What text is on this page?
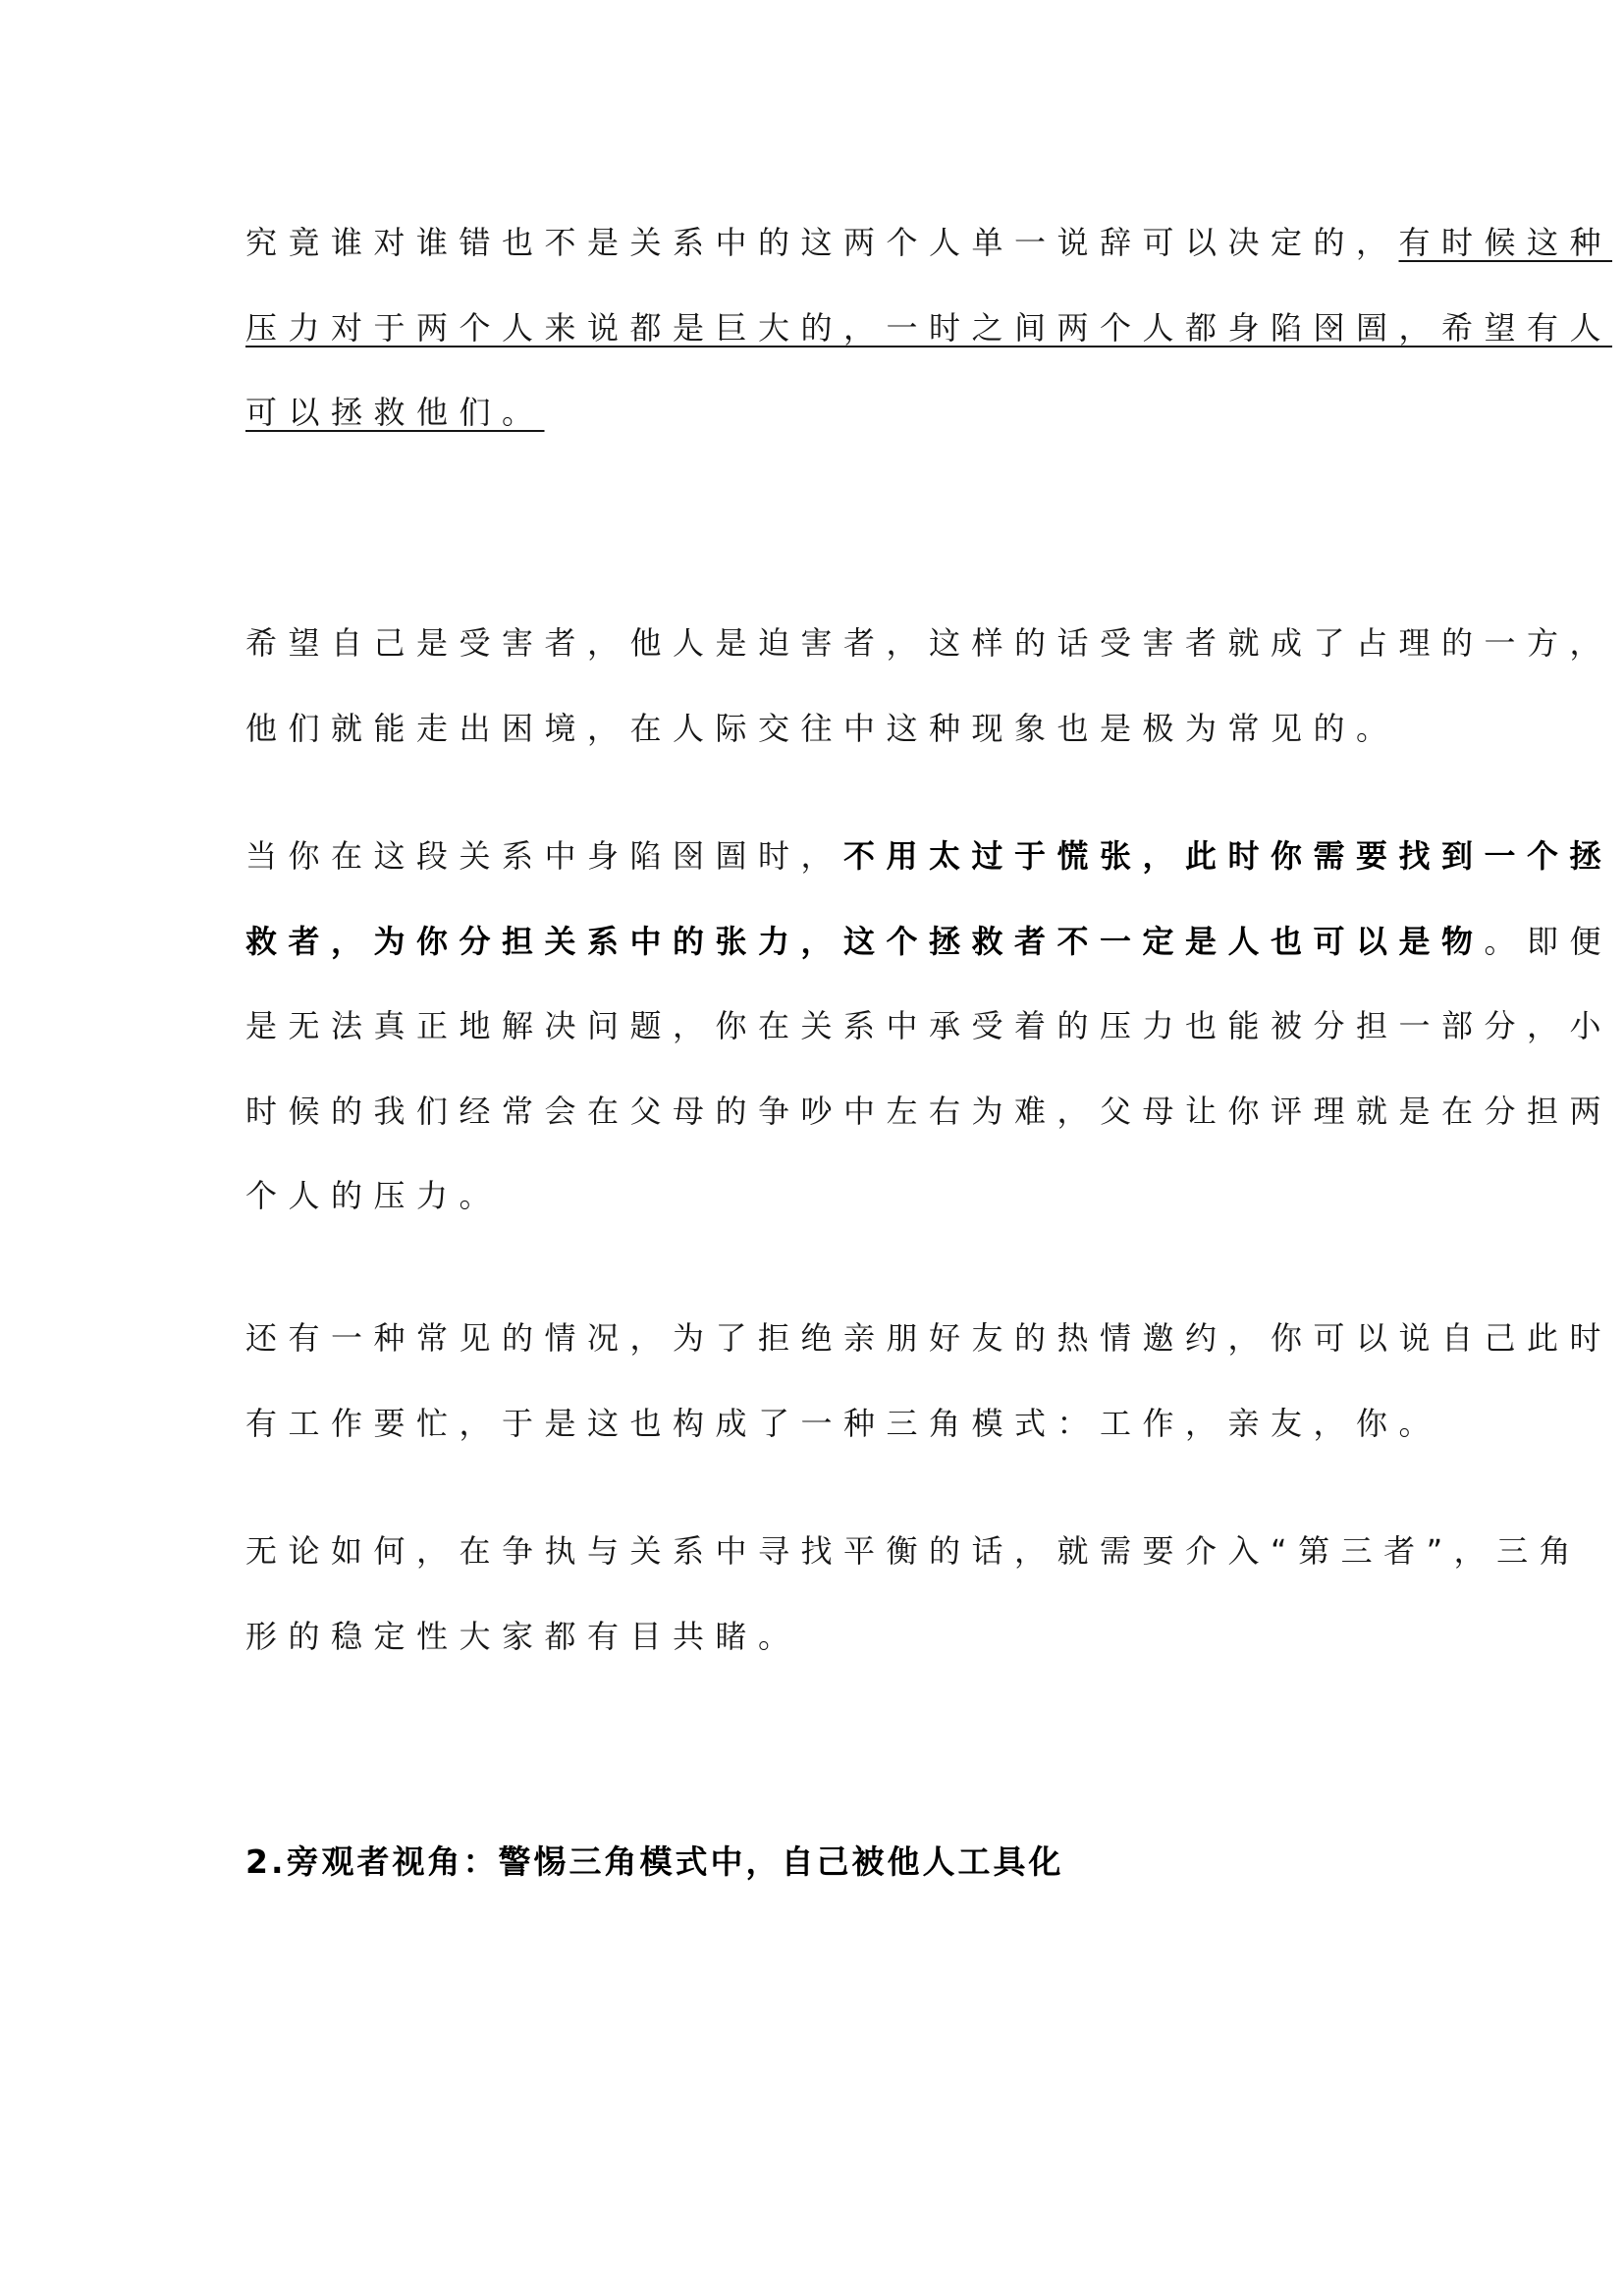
究竟谁对谁错也不是关系中的这两个人单一说辞可以决定的，有时候这种
压力对于两个人来说都是巨大的，一时之间两个人都身陷囹圄，希望有人
可以拯救他们。
希望自己是受害者，他人是迫害者，这样的话受害者就成了占理的一方，
他们就能走出困境，在人际交往中这种现象也是极为常见的。
当你在这段关系中身陷囹圄时，不用太过于慌张，此时你需要找到一个拯
救者，为你分担关系中的张力，这个拯救者不一定是人也可以是物。即便
是无法真正地解决问题，你在关系中承受着的压力也能被分担一部分，小
时候的我们经常会在父母的争吵中左右为难，父母让你评理就是在分担两
个人的压力。
还有一种常见的情况，为了拒绝亲朋好友的热情邀约，你可以说自己此时
有工作要忙，于是这也构成了一种三角模式：工作，亲友，你。
无论如何，在争执与关系中寻找平衡的话，就需要介入“第三者”，三角
形的稳定性大家都有目共睹。
2.旁观者视角：警惕三角模式中，自己被他人工具化
